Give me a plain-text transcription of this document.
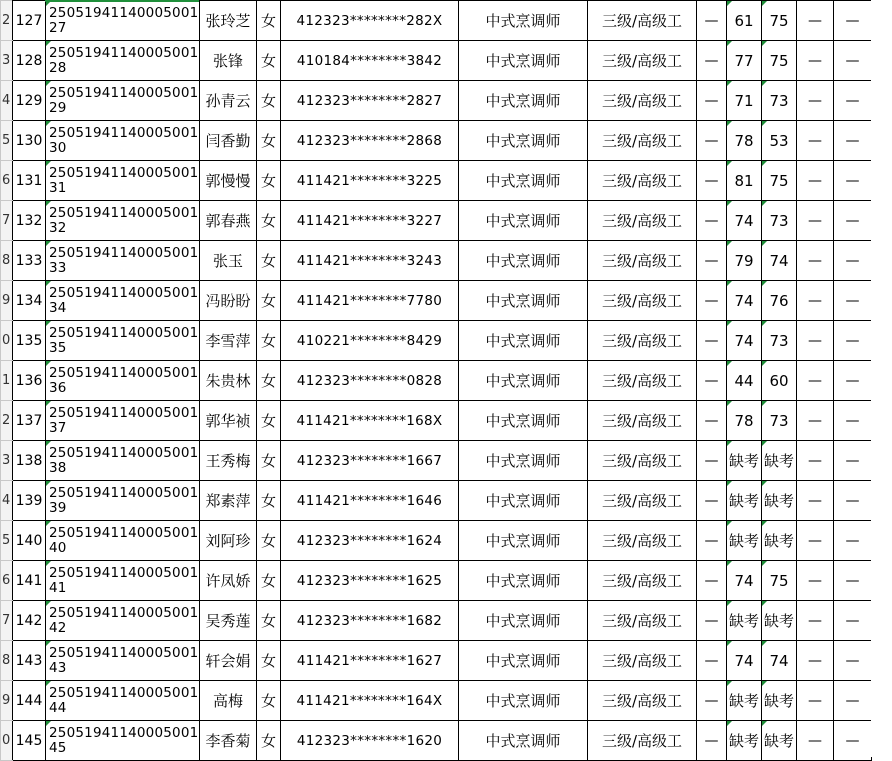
2	127	2505194114000500127	张玲芝	女	412323********282X	中式烹调师	三级/高级工	—	61	75	—	—
3	128	2505194114000500128	张锋	女	410184********3842	中式烹调师	三级/高级工	—	77	75	—	—
4	129	2505194114000500129	孙青云	女	412323********2827	中式烹调师	三级/高级工	—	71	73	—	—
5	130	2505194114000500130	闫香勤	女	412323********2868	中式烹调师	三级/高级工	—	78	53	—	—
6	131	2505194114000500131	郭慢慢	女	411421********3225	中式烹调师	三级/高级工	—	81	75	—	—
7	132	2505194114000500132	郭春燕	女	411421********3227	中式烹调师	三级/高级工	—	74	73	—	—
8	133	2505194114000500133	张玉	女	411421********3243	中式烹调师	三级/高级工	—	79	74	—	—
9	134	2505194114000500134	冯盼盼	女	411421********7780	中式烹调师	三级/高级工	—	74	76	—	—
0	135	2505194114000500135	李雪萍	女	410221********8429	中式烹调师	三级/高级工	—	74	73	—	—
1	136	2505194114000500136	朱贵林	女	412323********0828	中式烹调师	三级/高级工	—	44	60	—	—
2	137	2505194114000500137	郭华祯	女	411421********168X	中式烹调师	三级/高级工	—	78	73	—	—
3	138	2505194114000500138	王秀梅	女	412323********1667	中式烹调师	三级/高级工	—	缺考	缺考	—	—
4	139	2505194114000500139	郑素萍	女	411421********1646	中式烹调师	三级/高级工	—	缺考	缺考	—	—
5	140	2505194114000500140	刘阿珍	女	412323********1624	中式烹调师	三级/高级工	—	缺考	缺考	—	—
6	141	2505194114000500141	许凤娇	女	412323********1625	中式烹调师	三级/高级工	—	74	75	—	—
7	142	2505194114000500142	吴秀莲	女	412323********1682	中式烹调师	三级/高级工	—	缺考	缺考	—	—
8	143	2505194114000500143	轩会娟	女	411421********1627	中式烹调师	三级/高级工	—	74	74	—	—
9	144	2505194114000500144	高梅	女	411421********164X	中式烹调师	三级/高级工	—	缺考	缺考	—	—
0	145	2505194114000500145	李香菊	女	412323********1620	中式烹调师	三级/高级工	—	缺考	缺考	—	—
